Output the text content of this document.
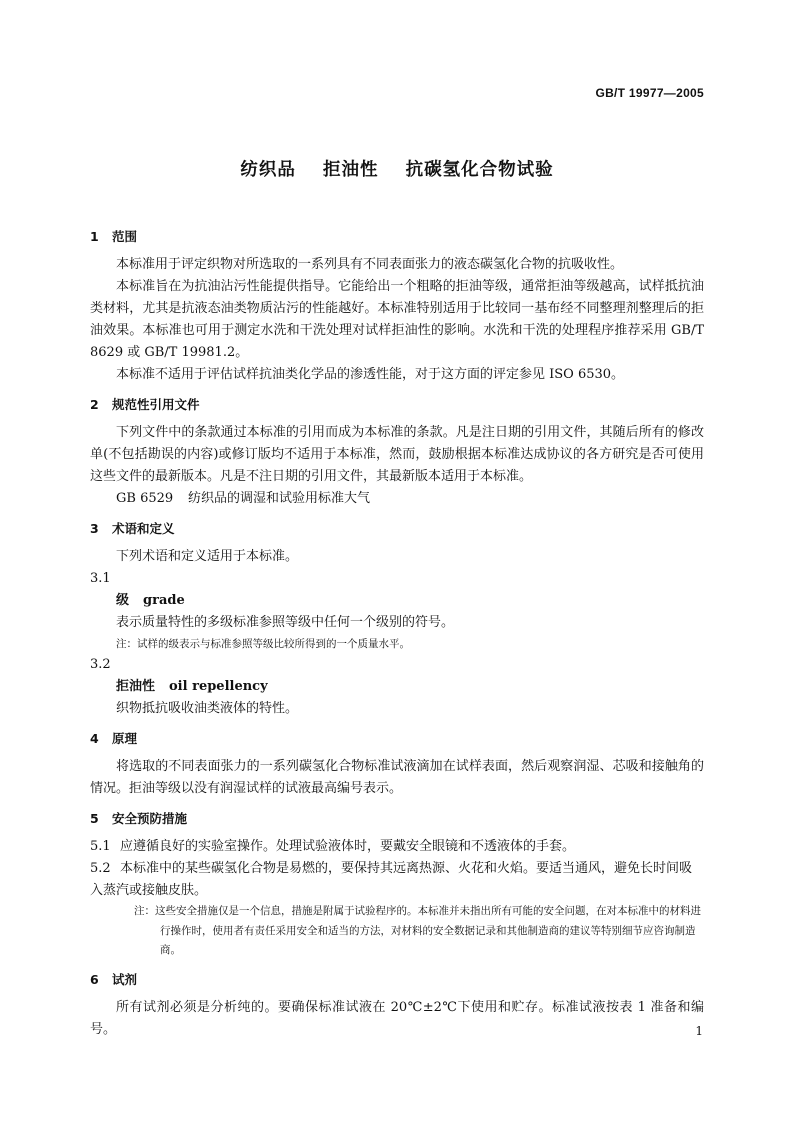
GB/T 19977—2005
纺织品 拒油性 抗碳氢化合物试验
1 范围
本标准用于评定织物对所选取的一系列具有不同表面张力的液态碳氢化合物的抗吸收性。
本标准旨在为抗油沾污性能提供指导。它能给出一个粗略的拒油等级，通常拒油等级越高，试样抵抗油类材料，尤其是抗液态油类物质沾污的性能越好。本标准特别适用于比较同一基布经不同整理剂整理后的拒油效果。本标准也可用于测定水洗和干洗处理对试样拒油性的影响。水洗和干洗的处理程序推荐采用 GB/T 8629 或 GB/T 19981.2。
本标准不适用于评估试样抗油类化学品的渗透性能，对于这方面的评定参见 ISO 6530。
2 规范性引用文件
下列文件中的条款通过本标准的引用而成为本标准的条款。凡是注日期的引用文件，其随后所有的修改单(不包括勘误的内容)或修订版均不适用于本标准，然而，鼓励根据本标准达成协议的各方研究是否可使用这些文件的最新版本。凡是不注日期的引用文件，其最新版本适用于本标准。
GB 6529 纺织品的调湿和试验用标准大气
3 术语和定义
下列术语和定义适用于本标准。
3.1
级 grade
表示质量特性的多级标准参照等级中任何一个级别的符号。
注：试样的级表示与标准参照等级比较所得到的一个质量水平。
3.2
拒油性 oil repellency
织物抵抗吸收油类液体的特性。
4 原理
将选取的不同表面张力的一系列碳氢化合物标准试液滴加在试样表面，然后观察润湿、芯吸和接触角的情况。拒油等级以没有润湿试样的试液最高编号表示。
5 安全预防措施
5.1 应遵循良好的实验室操作。处理试验液体时，要戴安全眼镜和不透液体的手套。
5.2 本标准中的某些碳氢化合物是易燃的，要保持其远离热源、火花和火焰。要适当通风，避免长时间吸入蒸汽或接触皮肤。
注：这些安全措施仅是一个信息，措施是附属于试验程序的。本标准并未指出所有可能的安全问题，在对本标准中的材料进行操作时，使用者有责任采用安全和适当的方法，对材料的安全数据记录和其他制造商的建议等特别细节应咨询制造商。
6 试剂
所有试剂必须是分析纯的。要确保标准试液在 20℃±2℃下使用和贮存。标准试液按表 1 准备和编号。	1
